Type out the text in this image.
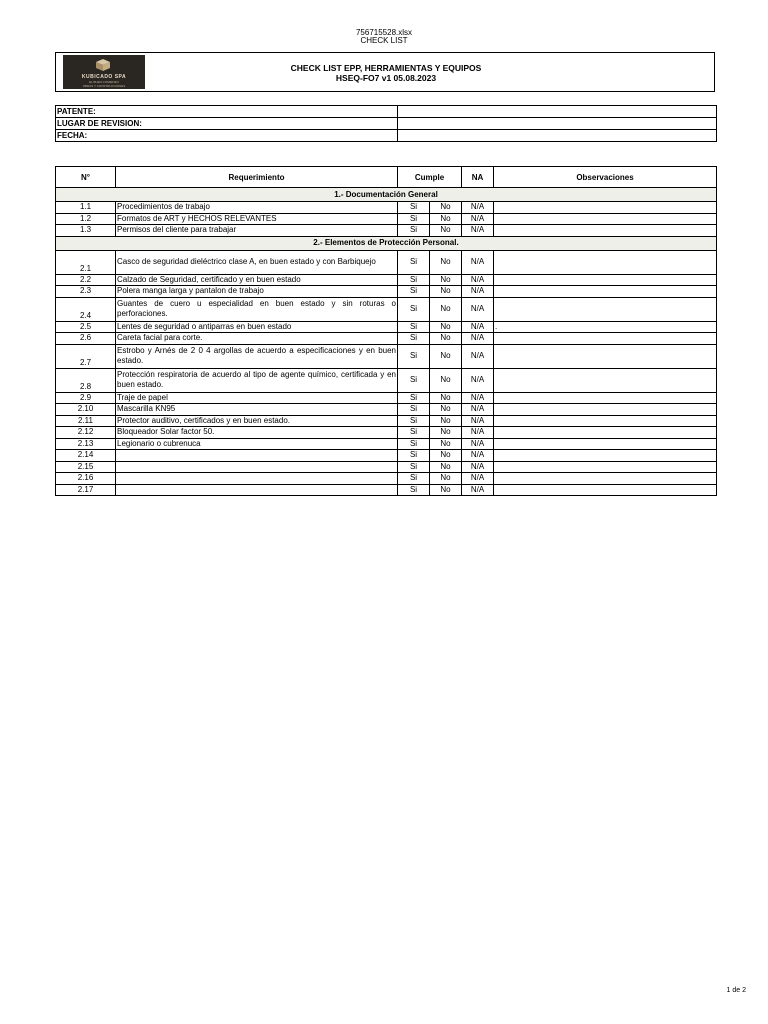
756715528.xlsx
CHECK LIST
KUBICADO SPA
EL BUEN COMIENZO
OBRAS Y CONSTRUCCIONES
CHECK LIST EPP, HERRAMIENTAS Y EQUIPOS
HSEQ-FO7 v1 05.08.2023
PATENTE:	
LUGAR DE REVISION:	
FECHA:	
N°	Requerimiento	Cumple		NA	Observaciones
1.- Documentación General					
1.1	Procedimientos de trabajo	Si	No	N/A	
1.2	Formatos de ART y HECHOS RELEVANTES	Si	No	N/A	
1.3	Permisos del cliente para trabajar	Si	No	N/A	
2.- Elementos de Protección Personal.					
2.1	Casco de seguridad dieléctrico clase A, en buen estado y con Barbiquejo	Si	No	N/A	
2.2	Calzado de Seguridad, certificado y en buen estado	Si	No	N/A	
2.3	Polera manga larga y pantalon de trabajo	Si	No	N/A	
2.4	Guantes de cuero u especialidad en buen estado y sin roturas o perforaciones.	Si	No	N/A	
2.5	Lentes de seguridad o antiparras en buen estado	Si	No	N/A	.
2.6	Careta facial para corte.	Si	No	N/A	
2.7	Estrobo y Arnés de 2 0 4 argollas de acuerdo a especificaciones y en buen estado.	Si	No	N/A	
2.8	Protección respiratoria de acuerdo al tipo de agente químico, certificada y en buen estado.	Si	No	N/A	
2.9	Traje de papel	Si	No	N/A	
2.10	Mascarilla KN95	Si	No	N/A	
2.11	Protector auditivo, certificados y en buen estado.	Si	No	N/A	
2.12	Bloqueador Solar factor 50.	Si	No	N/A	
2.13	Legionario o cubrenuca	Si	No	N/A	
2.14		Si	No	N/A	
2.15		Si	No	N/A	
2.16		Si	No	N/A	
2.17		Si	No	N/A	
1 de 2
